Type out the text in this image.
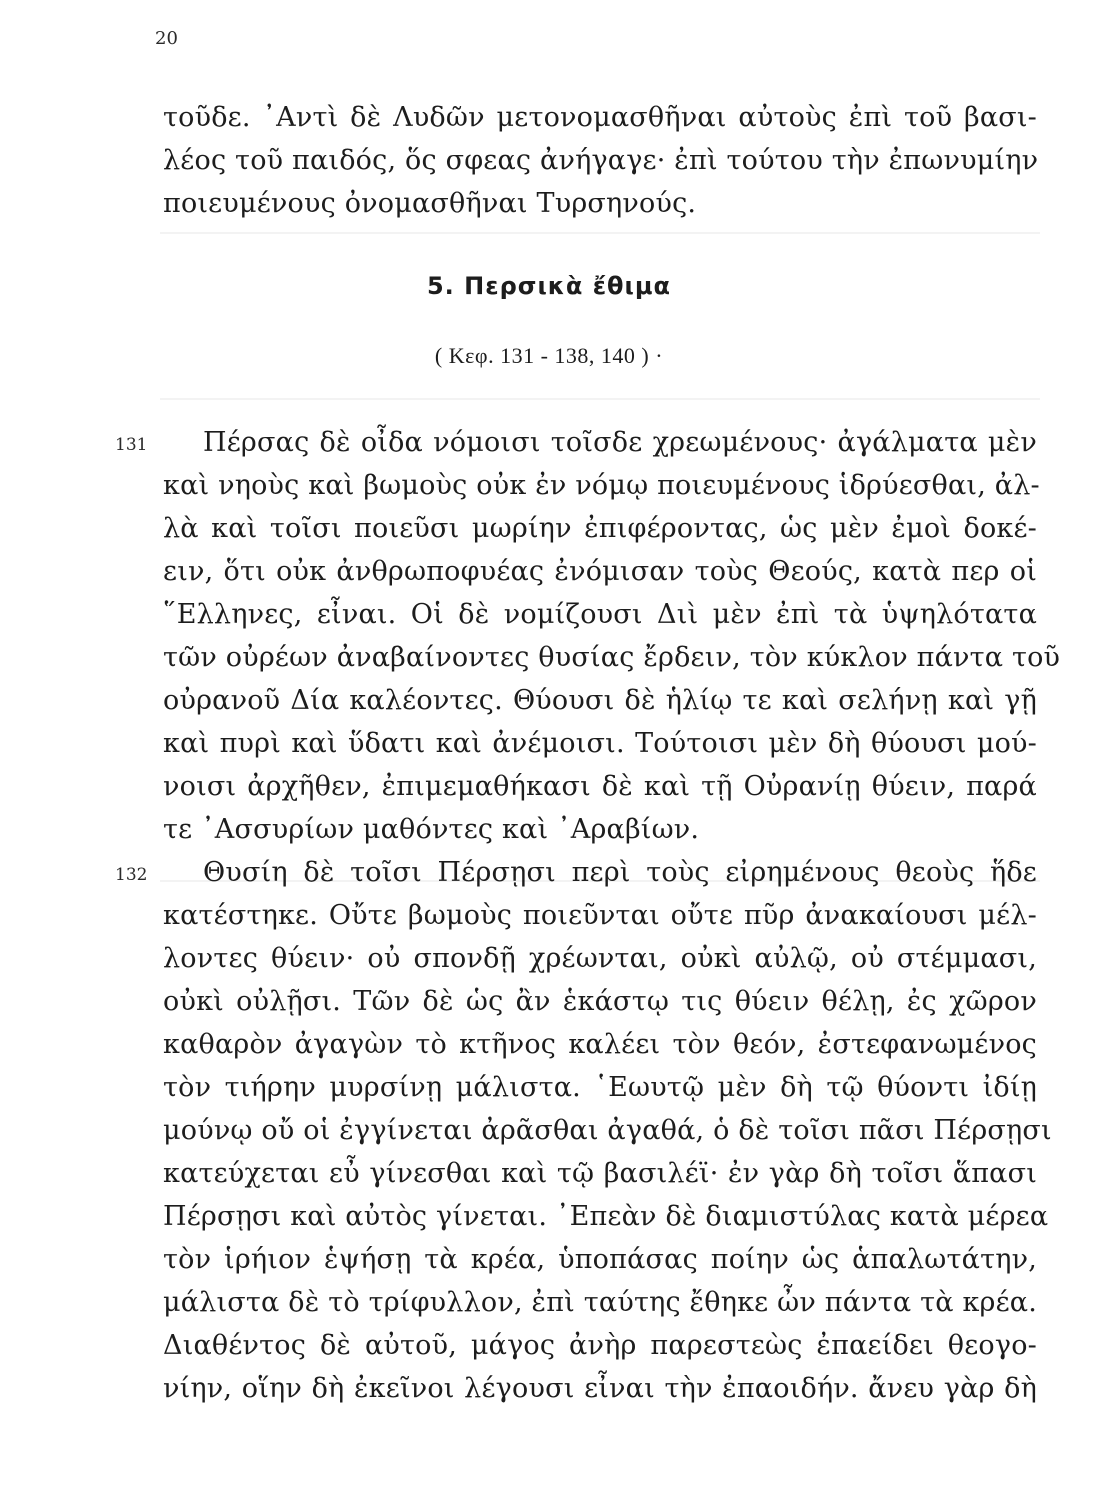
20
τοῦδε. ᾿Αντὶ δὲ Λυδῶν μετονομασθῆναι αὐτοὺς ἐπὶ τοῦ βασι-
λέος τοῦ παιδός, ὅς σφεας ἀνήγαγε· ἐπὶ τούτου τὴν ἐπωνυμίην
ποιευμένους ὀνομασθῆναι Τυρσηνούς.
5. Περσικὰ ἔθιμα
( Κεφ. 131 - 138, 140 ) ·
131 Πέρσας δὲ οἶδα νόμοισι τοῖσδε χρεωμένους· ἀγάλματα μὲν
καὶ νηοὺς καὶ βωμοὺς οὐκ ἐν νόμῳ ποιευμένους ἱδρύεσθαι, ἀλ-
λὰ καὶ τοῖσι ποιεῦσι μωρίην ἐπιφέροντας, ὡς μὲν ἐμοὶ δοκέ-
ειν, ὅτι οὐκ ἀνθρωποφυέας ἐνόμισαν τοὺς Θεούς, κατὰ περ οἱ
῞Ελληνες, εἶναι. Οἱ δὲ νομίζουσι Διὶ μὲν ἐπὶ τὰ ὑψηλότατα
τῶν οὐρέων ἀναβαίνοντες θυσίας ἔρδειν, τὸν κύκλον πάντα τοῦ
οὐρανοῦ Δία καλέοντες. Θύουσι δὲ ἡλίῳ τε καὶ σελήνῃ καὶ γῇ
καὶ πυρὶ καὶ ὕδατι καὶ ἀνέμοισι. Τούτοισι μὲν δὴ θύουσι μού-
νοισι ἀρχῆθεν, ἐπιμεμαθήκασι δὲ καὶ τῇ Οὐρανίῃ θύειν, παρά
τε ᾿Ασσυρίων μαθόντες καὶ ᾿Αραβίων.
132 Θυσίη δὲ τοῖσι Πέρσῃσι περὶ τοὺς εἰρημένους θεοὺς ἥδε
κατέστηκε. Οὔτε βωμοὺς ποιεῦνται οὔτε πῦρ ἀνακαίουσι μέλ-
λοντες θύειν· οὐ σπονδῇ χρέωνται, οὐκὶ αὐλῷ, οὐ στέμμασι,
οὐκὶ οὐλῇσι. Τῶν δὲ ὡς ἂν ἑκάστῳ τις θύειν θέλῃ, ἐς χῶρον
καθαρὸν ἀγαγὼν τὸ κτῆνος καλέει τὸν θεόν, ἐστεφανωμένος
τὸν τιήρην μυρσίνῃ μάλιστα. ῾Εωυτῷ μὲν δὴ τῷ θύοντι ἰδίῃ
μούνῳ οὔ οἱ ἐγγίνεται ἀρᾶσθαι ἀγαθά, ὁ δὲ τοῖσι πᾶσι Πέρσῃσι
κατεύχεται εὖ γίνεσθαι καὶ τῷ βασιλέϊ· ἐν γὰρ δὴ τοῖσι ἅπασι
Πέρσῃσι καὶ αὐτὸς γίνεται. ᾿Επεὰν δὲ διαμιστύλας κατὰ μέρεα
τὸν ἱρήιον ἑψήσῃ τὰ κρέα, ὑποπάσας ποίην ὡς ἁπαλωτάτην,
μάλιστα δὲ τὸ τρίφυλλον, ἐπὶ ταύτης ἔθηκε ὦν πάντα τὰ κρέα.
Διαθέντος δὲ αὐτοῦ, μάγος ἀνὴρ παρεστεὼς ἐπαείδει θεογο-
νίην, οἵην δὴ ἐκεῖνοι λέγουσι εἶναι τὴν ἐπαοιδήν. ἄνευ γὰρ δὴ
